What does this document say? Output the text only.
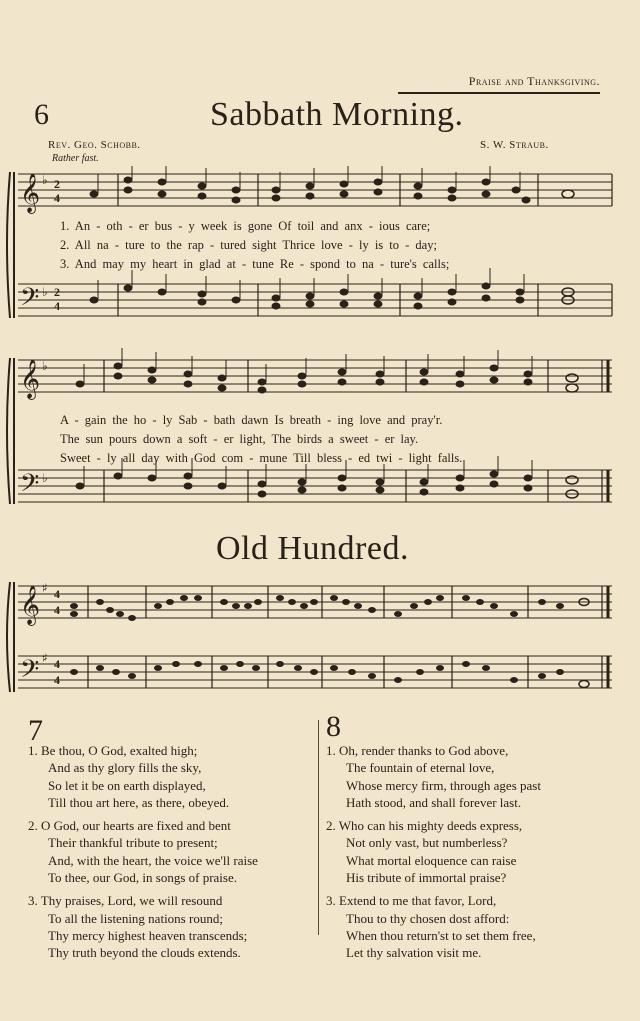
Praise and Thanksgiving.
6	Sabbath Morning.
Rev. Geo. Schobb.	S. W. Straub.
Rather fast.
𝄞
𝄢
♭
♭
2
4
2
4
1. An - oth - er bus - y week is gone Of toil and anx - ious care;
2. All na - ture to the rap - tured sight Thrice love - ly is to - day;
3. And may my heart in glad at - tune Re - spond to na - ture's calls;
𝄞
𝄢
♭
♭
A - gain the ho - ly Sab - bath dawn Is breath - ing love and pray'r.
The sun pours down a soft - er light, The birds a sweet - er lay.
Sweet - ly all day with God com - mune Till bless - ed twi - light falls.
Old Hundred.
𝄞
𝄢
♯
♯
4
4
4
4
7
1. Be thou, O God, exalted high;
And as thy glory fills the sky,
So let it be on earth displayed,
Till thou art here, as there, obeyed.
2. O God, our hearts are fixed and bent
Their thankful tribute to present;
And, with the heart, the voice we'll raise
To thee, our God, in songs of praise.
3. Thy praises, Lord, we will resound
To all the listening nations round;
Thy mercy highest heaven transcends;
Thy truth beyond the clouds extends.
8
1. Oh, render thanks to God above,
The fountain of eternal love,
Whose mercy firm, through ages past
Hath stood, and shall forever last.
2. Who can his mighty deeds express,
Not only vast, but numberless?
What mortal eloquence can raise
His tribute of immortal praise?
3. Extend to me that favor, Lord,
Thou to thy chosen dost afford:
When thou return'st to set them free,
Let thy salvation visit me.
